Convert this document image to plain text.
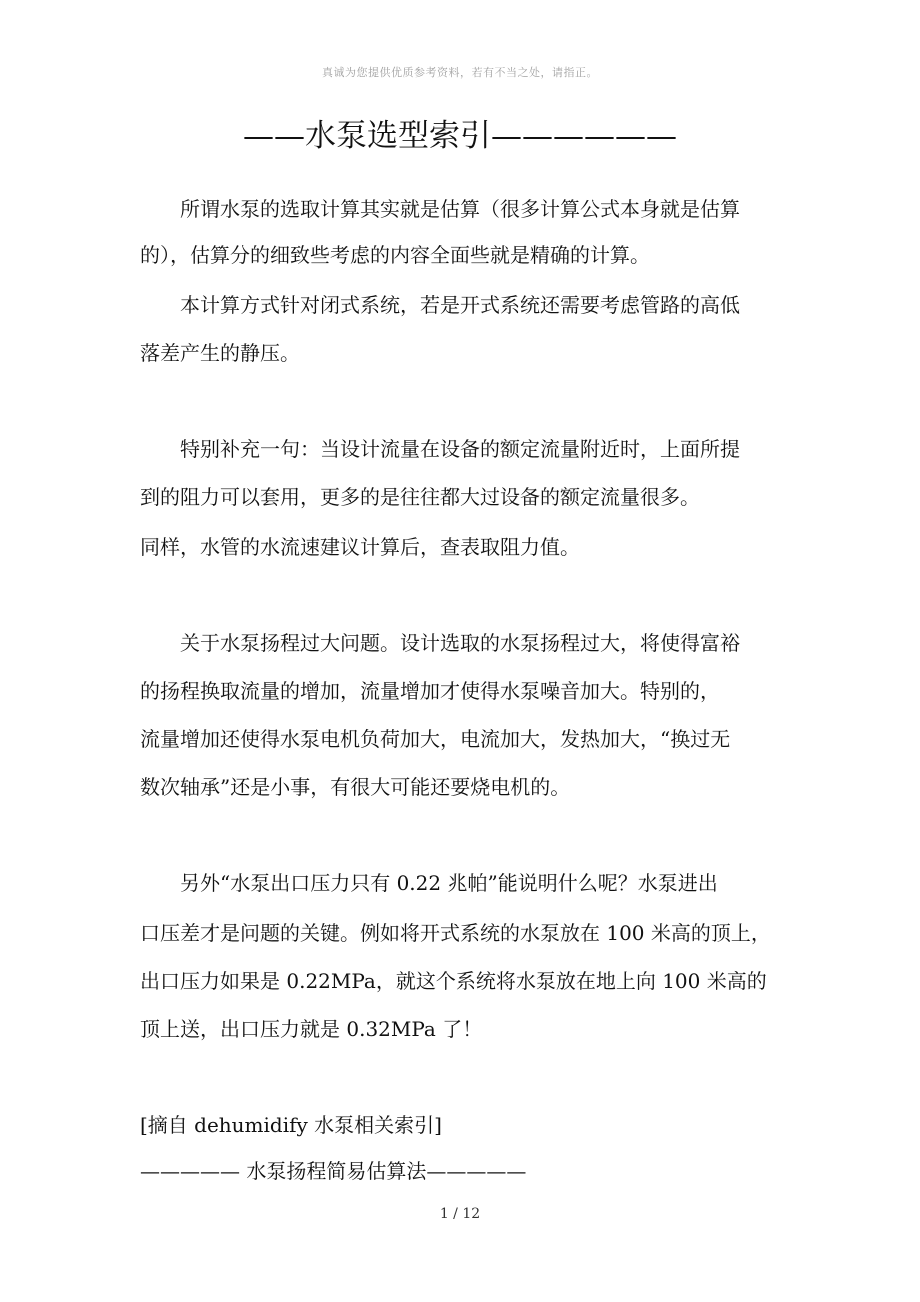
真诚为您提供优质参考资料，若有不当之处，请指正。
——水泵选型索引——————
所谓水泵的选取计算其实就是估算（很多计算公式本身就是估算
的），估算分的细致些考虑的内容全面些就是精确的计算。
本计算方式针对闭式系统，若是开式系统还需要考虑管路的高低
落差产生的静压。
特别补充一句：当设计流量在设备的额定流量附近时，上面所提
到的阻力可以套用，更多的是往往都大过设备的额定流量很多。
同样，水管的水流速建议计算后，查表取阻力值。
关于水泵扬程过大问题。设计选取的水泵扬程过大，将使得富裕
的扬程换取流量的增加，流量增加才使得水泵噪音加大。特别的，
流量增加还使得水泵电机负荷加大，电流加大，发热加大，“换过无
数次轴承”还是小事，有很大可能还要烧电机的。
另外“水泵出口压力只有 0.22 兆帕”能说明什么呢？水泵进出
口压差才是问题的关键。例如将开式系统的水泵放在 100 米高的顶上，
出口压力如果是 0.22MPa，就这个系统将水泵放在地上向 100 米高的
顶上送，出口压力就是 0.32MPa 了！
[摘自 dehumidify 水泵相关索引]
————— 水泵扬程简易估算法—————
1 / 12
